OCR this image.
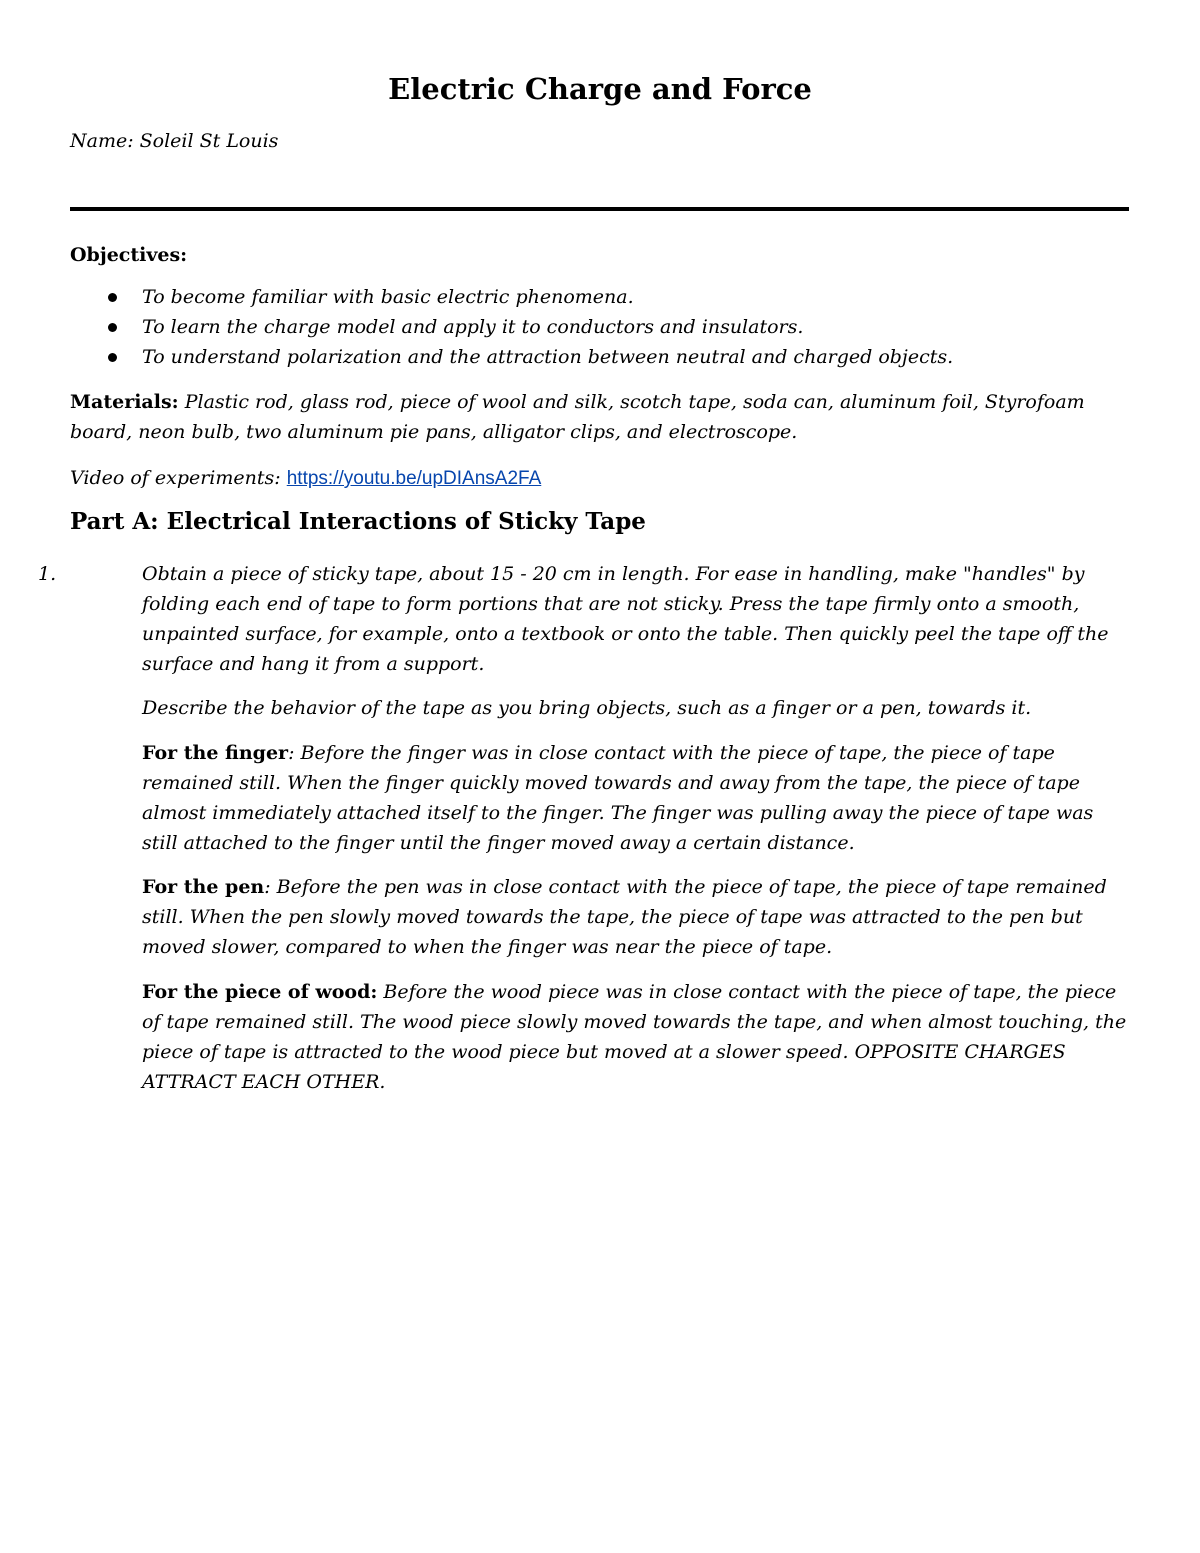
Electric Charge and Force
Name: Soleil St Louis
Objectives:
To become familiar with basic electric phenomena.
To learn the charge model and apply it to conductors and insulators.
To understand polarization and the attraction between neutral and charged objects.
Materials: Plastic rod, glass rod, piece of wool and silk, scotch tape, soda can, aluminum foil, Styrofoam board, neon bulb, two aluminum pie pans, alligator clips, and electroscope.
Video of experiments: https://youtu.be/upDIAnsA2FA
Part A: Electrical Interactions of Sticky Tape
1.	Obtain a piece of sticky tape, about 15 - 20 cm in length. For ease in handling, make "handles" by folding each end of tape to form portions that are not sticky. Press the tape firmly onto a smooth, unpainted surface, for example, onto a textbook or onto the table. Then quickly peel the tape off the surface and hang it from a support.

Describe the behavior of the tape as you bring objects, such as a finger or a pen, towards it.

For the finger: Before the finger was in close contact with the piece of tape, the piece of tape remained still. When the finger quickly moved towards and away from the tape, the piece of tape almost immediately attached itself to the finger. The finger was pulling away the piece of tape was still attached to the finger until the finger moved away a certain distance.

For the pen: Before the pen was in close contact with the piece of tape, the piece of tape remained still. When the pen slowly moved towards the tape, the piece of tape was attracted to the pen but moved slower, compared to when the finger was near the piece of tape.

For the piece of wood: Before the wood piece was in close contact with the piece of tape, the piece of tape remained still. The wood piece slowly moved towards the tape, and when almost touching, the piece of tape is attracted to the wood piece but moved at a slower speed. OPPOSITE CHARGES ATTRACT EACH OTHER.
